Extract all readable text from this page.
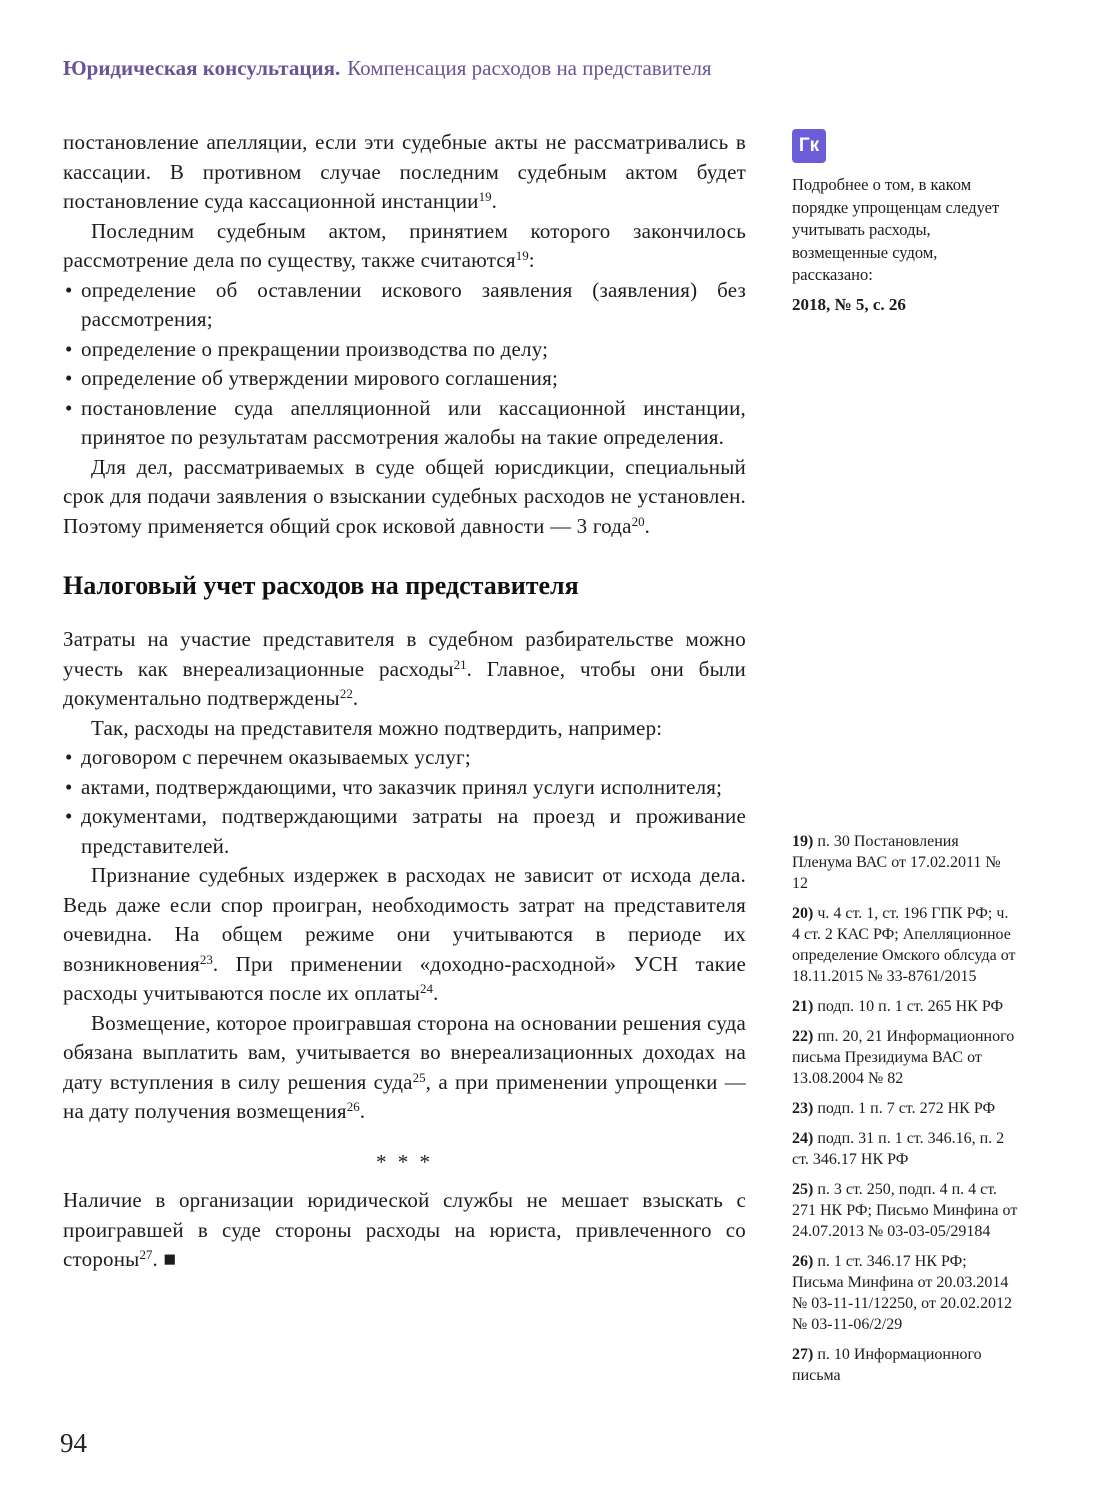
Юридическая консультация. Компенсация расходов на представителя

постановление апелляции, если эти судебные акты не рассматривались в кассации. В противном случае последним судебным актом будет постановление суда кассационной инстанции$^{19}$.

Последним судебным актом, принятием которого закончилось рассмотрение дела по существу, также считаются$^{19}$:

• определение об оставлении искового заявления (заявления) без рассмотрения;
• определение о прекращении производства по делу;
• определение об утверждении мирового соглашения;
• постановление суда апелляционной или кассационной инстанции, принятое по результатам рассмотрения жалобы на такие определения.

Для дел, рассматриваемых в суде общей юрисдикции, специальный срок для подачи заявления о взыскании судебных расходов не установлен. Поэтому применяется общий срок исковой давности — 3 года$^{20}$.

Налоговый учет расходов на представителя

Затраты на участие представителя в судебном разбирательстве можно учесть как внереализационные расходы$^{21}$. Главное, чтобы они были документально подтверждены$^{22}$.

Так, расходы на представителя можно подтвердить, например:

• договором с перечнем оказываемых услуг;
• актами, подтверждающими, что заказчик принял услуги исполнителя;
• документами, подтверждающими затраты на проезд и проживание представителей.

Признание судебных издержек в расходах не зависит от исхода дела. Ведь даже если спор проигран, необходимость затрат на представителя очевидна. На общем режиме они учитываются в периоде их возникновения$^{23}$. При применении «доходно-расходной» УСН такие расходы учитываются после их оплаты$^{24}$.

Возмещение, которое проигравшая сторона на основании решения суда обязана выплатить вам, учитывается во внереализационных доходах на дату вступления в силу решения суда$^{25}$, а при применении упрощенки — на дату получения возмещения$^{26}$.

* * *

Наличие в организации юридической службы не мешает взыскать с проигравшей в суде стороны расходы на юриста, привлеченного со стороны$^{27}$. ■

Гк

Подробнее о том, в каком порядке упрощенцам следует учитывать расходы, возмещенные судом, рассказано:

2018, № 5, с. 26

19) п. 30 Постановления Пленума ВАС от 17.02.2011 № 12
20) ч. 4 ст. 1, ст. 196 ГПК РФ; ч. 4 ст. 2 КАС РФ; Апелляционное определение Омского облсуда от 18.11.2015 № 33-8761/2015
21) подп. 10 п. 1 ст. 265 НК РФ
22) пп. 20, 21 Информационного письма Президиума ВАС от 13.08.2004 № 82
23) подп. 1 п. 7 ст. 272 НК РФ
24) подп. 31 п. 1 ст. 346.16, п. 2 ст. 346.17 НК РФ
25) п. 3 ст. 250, подп. 4 п. 4 ст. 271 НК РФ; Письмо Минфина от 24.07.2013 № 03-03-05/29184
26) п. 1 ст. 346.17 НК РФ; Письма Минфина от 20.03.2014 № 03-11-11/12250, от 20.02.2012 № 03-11-06/2/29
27) п. 10 Информационного письма
94
